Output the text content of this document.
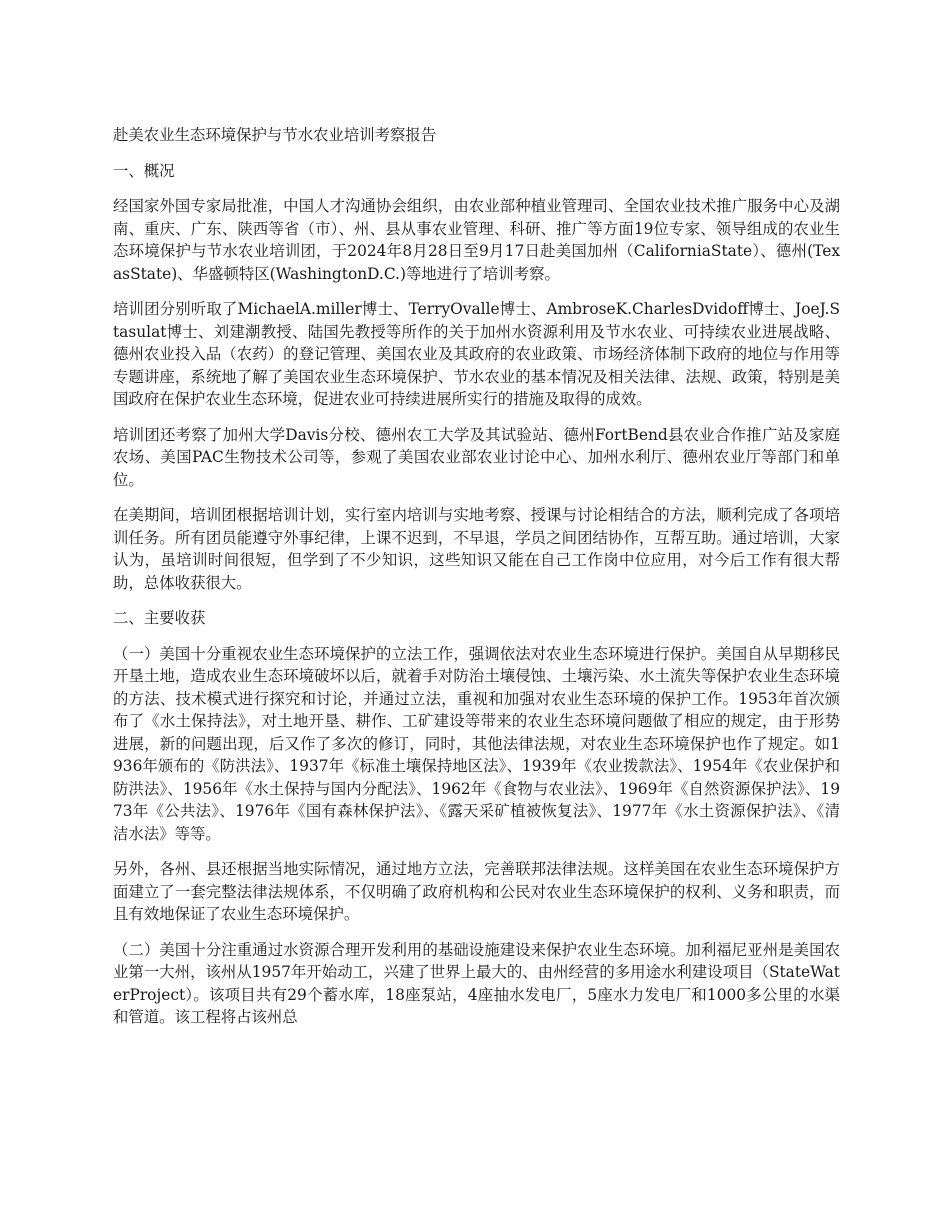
赴美农业生态环境保护与节水农业培训考察报告

一、概况

经国家外国专家局批准，中国人才沟通协会组织，由农业部种植业管理司、全国农业技术推广服务中心及湖南、重庆、广东、陕西等省（市）、州、县从事农业管理、科研、推广等方面19位专家、领导组成的农业生态环境保护与节水农业培训团，于2024年8月28日至9月17日赴美国加州（CaliforniaState）、德州(TexasState)、华盛顿特区(WashingtonD.C.)等地进行了培训考察。

培训团分别听取了MichaelA.miller博士、TerryOvalle博士、AmbroseK.CharlesDvidoff博士、JoeJ.Stasulat博士、刘建潮教授、陆国先教授等所作的关于加州水资源利用及节水农业、可持续农业进展战略、德州农业投入品（农药）的登记管理、美国农业及其政府的农业政策、市场经济体制下政府的地位与作用等专题讲座，系统地了解了美国农业生态环境保护、节水农业的基本情况及相关法律、法规、政策，特别是美国政府在保护农业生态环境，促进农业可持续进展所实行的措施及取得的成效。

培训团还考察了加州大学Davis分校、德州农工大学及其试验站、德州FortBend县农业合作推广站及家庭农场、美国PAC生物技术公司等，参观了美国农业部农业讨论中心、加州水利厅、德州农业厅等部门和单位。

在美期间，培训团根据培训计划，实行室内培训与实地考察、授课与讨论相结合的方法，顺利完成了各项培训任务。所有团员能遵守外事纪律，上课不迟到，不早退，学员之间团结协作，互帮互助。通过培训，大家认为，虽培训时间很短，但学到了不少知识，这些知识又能在自己工作岗中位应用，对今后工作有很大帮助，总体收获很大。

二、主要收获

（一）美国十分重视农业生态环境保护的立法工作，强调依法对农业生态环境进行保护。美国自从早期移民开垦土地，造成农业生态环境破坏以后，就着手对防治土壤侵蚀、土壤污染、水土流失等保护农业生态环境的方法、技术模式进行探究和讨论，并通过立法，重视和加强对农业生态环境的保护工作。1953年首次颁布了《水土保持法》，对土地开垦、耕作、工矿建设等带来的农业生态环境问题做了相应的规定，由于形势进展，新的问题出现，后又作了多次的修订，同时，其他法律法规，对农业生态环境保护也作了规定。如1936年颁布的《防洪法》、1937年《标准土壤保持地区法》、1939年《农业拨款法》、1954年《农业保护和防洪法》、1956年《水土保持与国内分配法》、1962年《食物与农业法》、1969年《自然资源保护法》、1973年《公共法》、1976年《国有森林保护法》、《露天采矿植被恢复法》、1977年《水土资源保护法》、《清洁水法》等等。

另外，各州、县还根据当地实际情况，通过地方立法，完善联邦法律法规。这样美国在农业生态环境保护方面建立了一套完整法律法规体系，不仅明确了政府机构和公民对农业生态环境保护的权利、义务和职责，而且有效地保证了农业生态环境保护。

（二）美国十分注重通过水资源合理开发利用的基础设施建设来保护农业生态环境。加利福尼亚州是美国农业第一大州，该州从1957年开始动工，兴建了世界上最大的、由州经营的多用途水利建设项目（StateWaterProject）。该项目共有29个蓄水库，18座泵站，4座抽水发电厂，5座水力发电厂和1000多公里的水渠和管道。该工程将占该州总
